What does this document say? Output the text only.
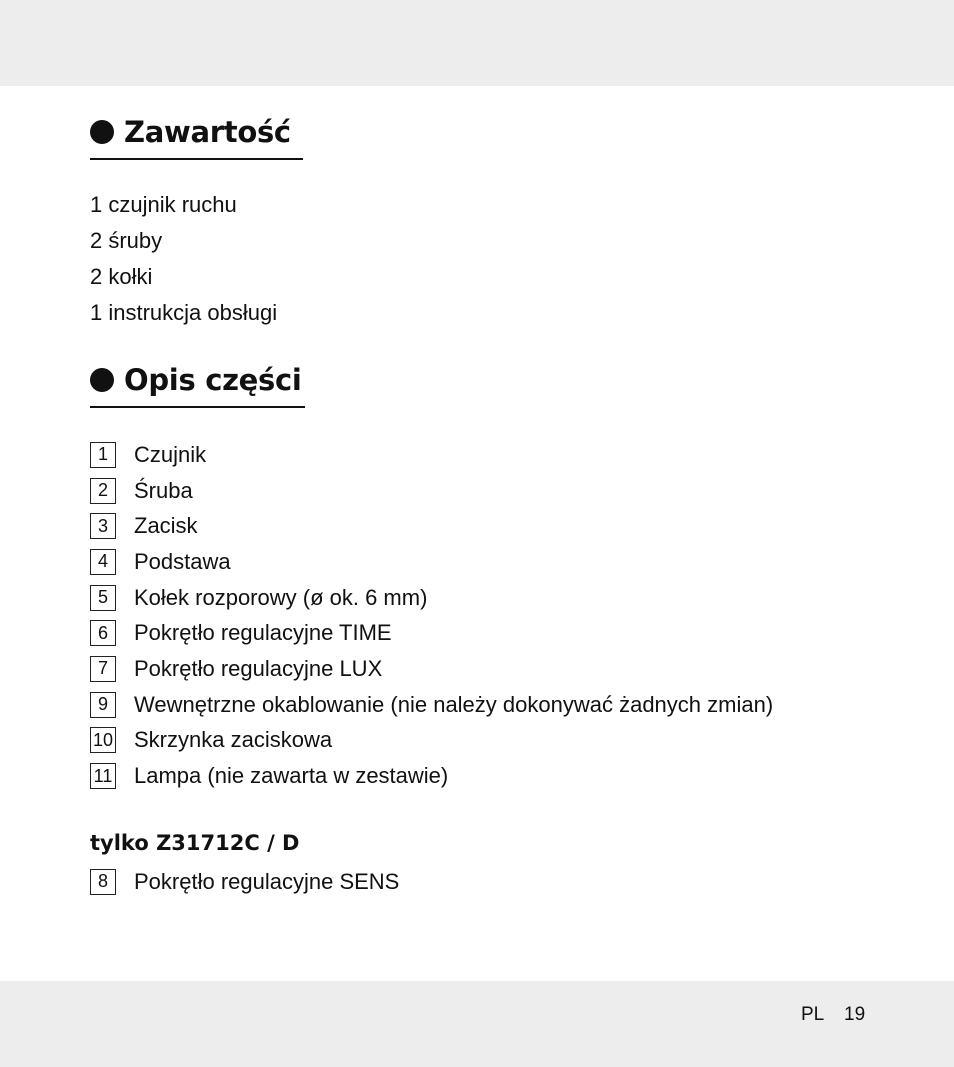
Zawartość
1 czujnik ruchu
2 śruby
2 kołki
1 instrukcja obsługi
Opis części
1	Czujnik
2	Śruba
3	Zacisk
4	Podstawa
5	Kołek rozporowy (ø ok. 6 mm)
6	Pokrętło regulacyjne TIME
7	Pokrętło regulacyjne LUX
9	Wewnętrzne okablowanie (nie należy dokonywać żadnych zmian)
10 Skrzynka zaciskowa
11 Lampa (nie zawarta w zestawie)
tylko Z31712C / D
8	Pokrętło regulacyjne SENS
PL 19
